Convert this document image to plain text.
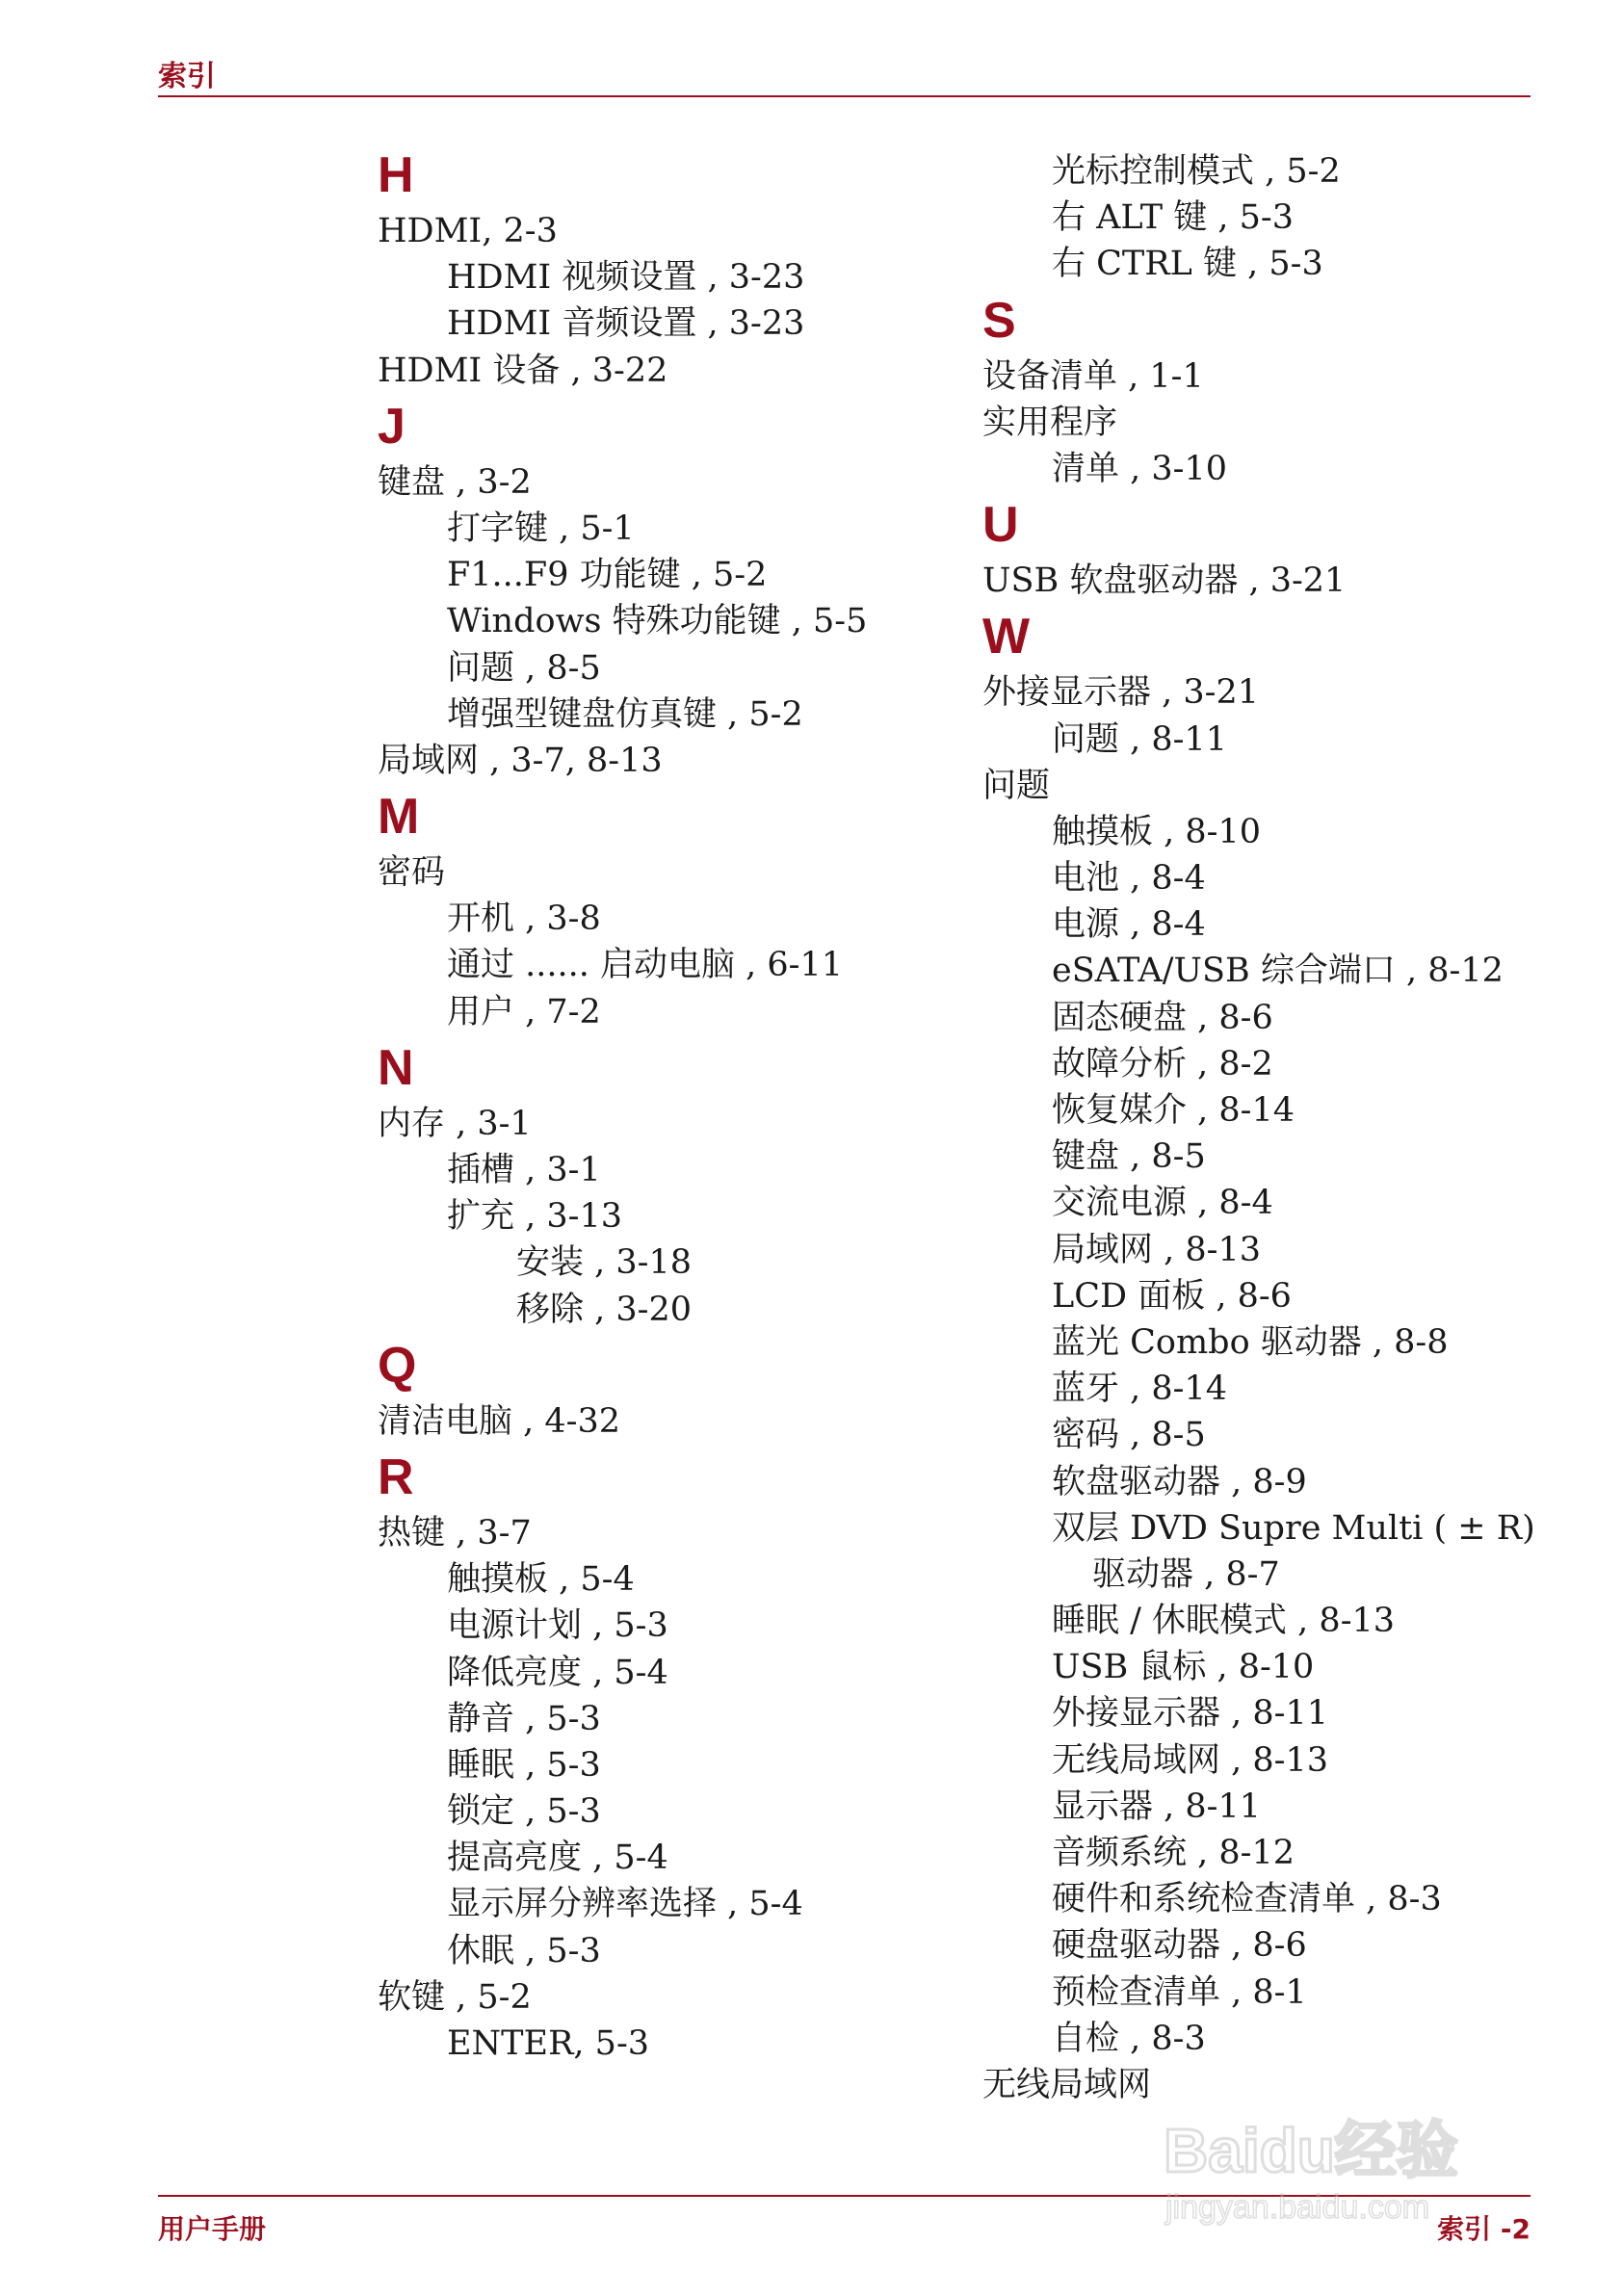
索引
H
HDMI, 2-3
HDMI 视频设置 , 3-23
HDMI 音频设置 , 3-23
HDMI 设备 , 3-22
J
键盘 , 3-2
打字键 , 5-1
F1...F9 功能键 , 5-2
Windows 特殊功能键 , 5-5
问题 , 8-5
增强型键盘仿真键 , 5-2
局域网 , 3-7, 8-13
M
密码
开机 , 3-8
通过 ...... 启动电脑 , 6-11
用户 , 7-2
N
内存 , 3-1
插槽 , 3-1
扩充 , 3-13
安装 , 3-18
移除 , 3-20
Q
清洁电脑 , 4-32
R
热键 , 3-7
触摸板 , 5-4
电源计划 , 5-3
降低亮度 , 5-4
静音 , 5-3
睡眠 , 5-3
锁定 , 5-3
提高亮度 , 5-4
显示屏分辨率选择 , 5-4
休眠 , 5-3
软键 , 5-2
ENTER, 5-3
光标控制模式 , 5-2
右 ALT 键 , 5-3
右 CTRL 键 , 5-3
S
设备清单 , 1-1
实用程序
清单 , 3-10
U
USB 软盘驱动器 , 3-21
W
外接显示器 , 3-21
问题 , 8-11
问题
触摸板 , 8-10
电池 , 8-4
电源 , 8-4
eSATA/USB 综合端口 , 8-12
固态硬盘 , 8-6
故障分析 , 8-2
恢复媒介 , 8-14
键盘 , 8-5
交流电源 , 8-4
局域网 , 8-13
LCD 面板 , 8-6
蓝光 Combo 驱动器 , 8-8
蓝牙 , 8-14
密码 , 8-5
软盘驱动器 , 8-9
双层 DVD Supre Multi ( ± R)
驱动器 , 8-7
睡眠 / 休眠模式 , 8-13
USB 鼠标 , 8-10
外接显示器 , 8-11
无线局域网 , 8-13
显示器 , 8-11
音频系统 , 8-12
硬件和系统检查清单 , 8-3
硬盘驱动器 , 8-6
预检查清单 , 8-1
自检 , 8-3
无线局域网
用户手册	索引 -2
Baidu经验
jingyan.baidu.com
